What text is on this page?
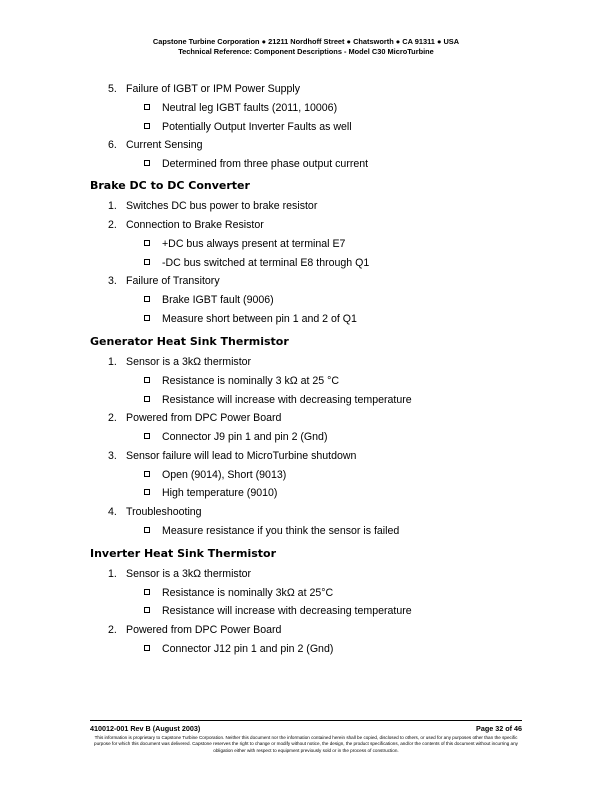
Capstone Turbine Corporation ● 21211 Nordhoff Street ● Chatsworth ● CA 91311 ● USA
Technical Reference: Component Descriptions - Model C30 MicroTurbine
5. Failure of IGBT or IPM Power Supply
Neutral leg IGBT faults (2011, 10006)
Potentially Output Inverter Faults as well
6. Current Sensing
Determined from three phase output current
Brake DC to DC Converter
1. Switches DC bus power to brake resistor
2. Connection to Brake Resistor
+DC bus always present at terminal E7
-DC bus switched at terminal E8 through Q1
3. Failure of Transitory
Brake IGBT fault (9006)
Measure short between pin 1 and 2 of Q1
Generator Heat Sink Thermistor
1. Sensor is a 3kΩ thermistor
Resistance is nominally 3 kΩ at 25 °C
Resistance will increase with decreasing temperature
2. Powered from DPC Power Board
Connector J9 pin 1 and pin 2 (Gnd)
3. Sensor failure will lead to MicroTurbine shutdown
Open (9014), Short (9013)
High temperature (9010)
4. Troubleshooting
Measure resistance if you think the sensor is failed
Inverter Heat Sink Thermistor
1. Sensor is a 3kΩ thermistor
Resistance is nominally 3kΩ at 25°C
Resistance will increase with decreasing temperature
2. Powered from DPC Power Board
Connector J12 pin 1 and pin 2 (Gnd)
410012-001 Rev B (August 2003)	Page 32 of 46
This information is proprietary to Capstone Turbine Corporation. Neither this document nor the information contained herein shall be copied, disclosed to others, or used for any purposes other than the specific purpose for which this document was delivered. Capstone reserves the right to change or modify without notice, the design, the product specifications, and/or the contents of this document without incurring any obligation either with respect to equipment previously sold or in the process of construction.
